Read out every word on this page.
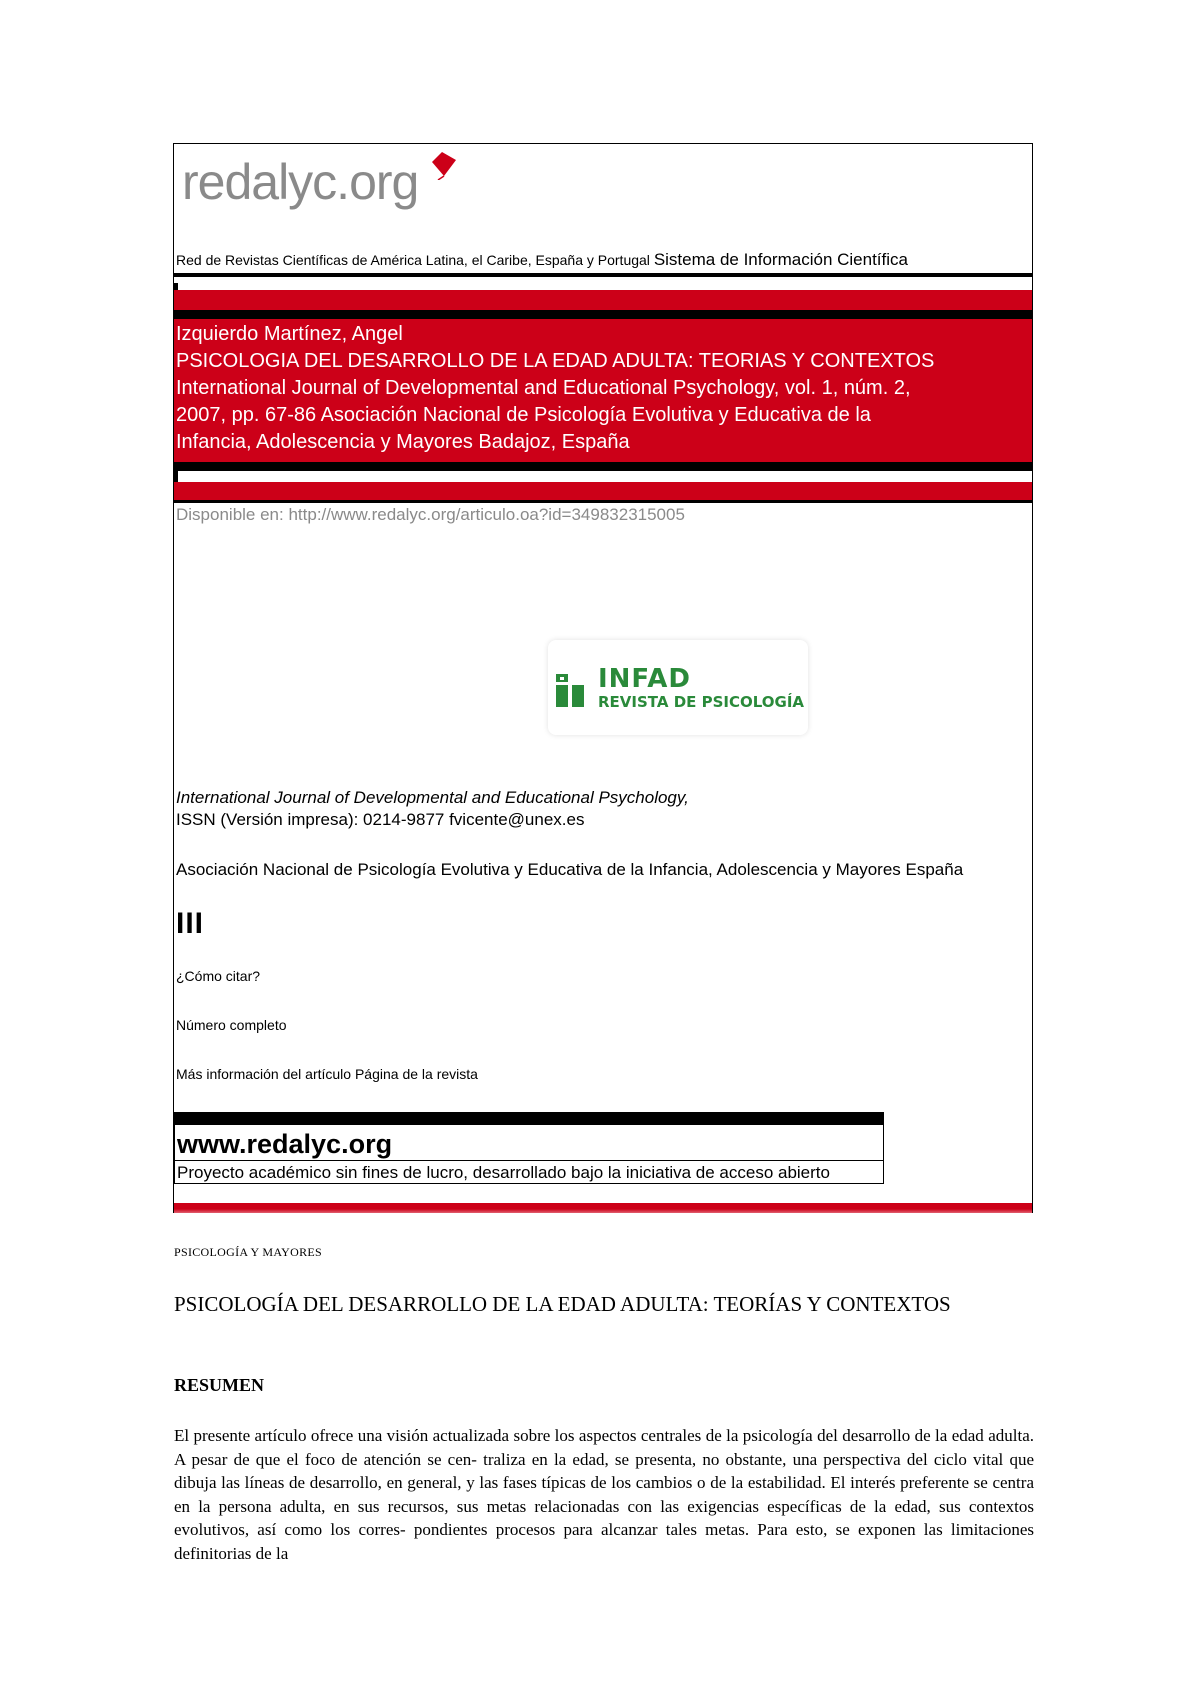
redalyc.org
Red de Revistas Científicas de América Latina, el Caribe, España y Portugal Sistema de Información Científica
Izquierdo Martínez, Angel
PSICOLOGIA DEL DESARROLLO DE LA EDAD ADULTA: TEORIAS Y CONTEXTOS
International Journal of Developmental and Educational Psychology, vol. 1, núm. 2,
2007, pp. 67-86 Asociación Nacional de Psicología Evolutiva y Educativa de la
Infancia, Adolescencia y Mayores Badajoz, España
Disponible en: http://www.redalyc.org/articulo.oa?id=349832315005
INFAD
REVISTA DE PSICOLOGÍA
International Journal of Developmental and Educational Psychology,
ISSN (Versión impresa): 0214-9877 fvicente@unex.es
Asociación Nacional de Psicología Evolutiva y Educativa de la Infancia, Adolescencia y Mayores España
III
¿Cómo citar?
Número completo
Más información del artículo Página de la revista
www.redalyc.org
Proyecto académico sin fines de lucro, desarrollado bajo la iniciativa de acceso abierto
PSICOLOGÍA Y MAYORES
PSICOLOGÍA DEL DESARROLLO DE LA EDAD ADULTA: TEORÍAS Y CONTEXTOS
RESUMEN
El presente artículo ofrece una visión actualizada sobre los aspectos centrales de la psicología del desarrollo de la edad adulta. A pesar de que el foco de atención se cen- traliza en la edad, se presenta, no obstante, una perspectiva del ciclo vital que dibuja las líneas de desarrollo, en general, y las fases típicas de los cambios o de la estabilidad. El interés preferente se centra en la persona adulta, en sus recursos, sus metas relacionadas con las exigencias específicas de la edad, sus contextos evolutivos, así como los corres- pondientes procesos para alcanzar tales metas. Para esto, se exponen las limitaciones definitorias de la
